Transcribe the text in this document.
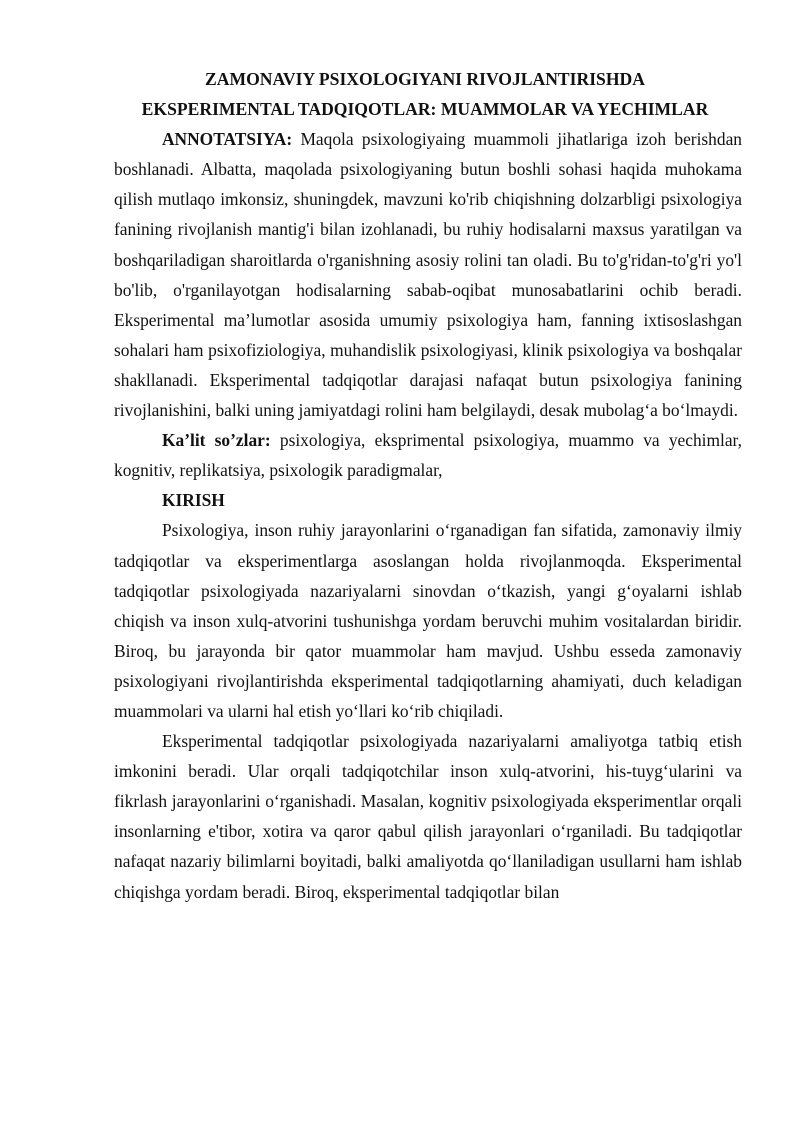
ZAMONAVIY PSIXOLOGIYANI RIVOJLANTIRISHDA
EKSPERIMENTAL TADQIQOTLAR: MUAMMOLAR VA YECHIMLAR

ANNOTATSIYA: Maqola psixologiyaing muammoli jihatlariga izoh berishdan boshlanadi. Albatta, maqolada psixologiyaning butun boshli sohasi haqida muhokama qilish mutlaqo imkonsiz, shuningdek, mavzuni ko'rib chiqishning dolzarbligi psixologiya fanining rivojlanish mantig'i bilan izohlanadi, bu ruhiy hodisalarni maxsus yaratilgan va boshqariladigan sharoitlarda o'rganishning asosiy rolini tan oladi. Bu to'g'ridan-to'g'ri yo'l bo'lib, o'rganilayotgan hodisalarning sabab-oqibat munosabatlarini ochib beradi. Eksperimental ma’lumotlar asosida umumiy psixologiya ham, fanning ixtisoslashgan sohalari ham psixofiziologiya, muhandislik psixologiyasi, klinik psixologiya va boshqalar shakllanadi. Eksperimental tadqiqotlar darajasi nafaqat butun psixologiya fanining rivojlanishini, balki uning jamiyatdagi rolini ham belgilaydi, desak mubolag‘a bo‘lmaydi.

Ka’lit so’zlar: psixologiya, eksprimental psixologiya, muammo va yechimlar, kognitiv, replikatsiya, psixologik paradigmalar,

KIRISH

Psixologiya, inson ruhiy jarayonlarini o‘rganadigan fan sifatida, zamonaviy ilmiy tadqiqotlar va eksperimentlarga asoslangan holda rivojlanmoqda. Eksperimental tadqiqotlar psixologiyada nazariyalarni sinovdan o‘tkazish, yangi g‘oyalarni ishlab chiqish va inson xulq-atvorini tushunishga yordam beruvchi muhim vositalardan biridir. Biroq, bu jarayonda bir qator muammolar ham mavjud. Ushbu esseda zamonaviy psixologiyani rivojlantirishda eksperimental tadqiqotlarning ahamiyati, duch keladigan muammolari va ularni hal etish yo‘llari ko‘rib chiqiladi.

Eksperimental tadqiqotlar psixologiyada nazariyalarni amaliyotga tatbiq etish imkonini beradi. Ular orqali tadqiqotchilar inson xulq-atvorini, his-tuyg‘ularini va fikrlash jarayonlarini o‘rganishadi. Masalan, kognitiv psixologiyada eksperimentlar orqali insonlarning e'tibor, xotira va qaror qabul qilish jarayonlari o‘rganiladi. Bu tadqiqotlar nafaqat nazariy bilimlarni boyitadi, balki amaliyotda qo‘llaniladigan usullarni ham ishlab chiqishga yordam beradi. Biroq, eksperimental tadqiqotlar bilan
